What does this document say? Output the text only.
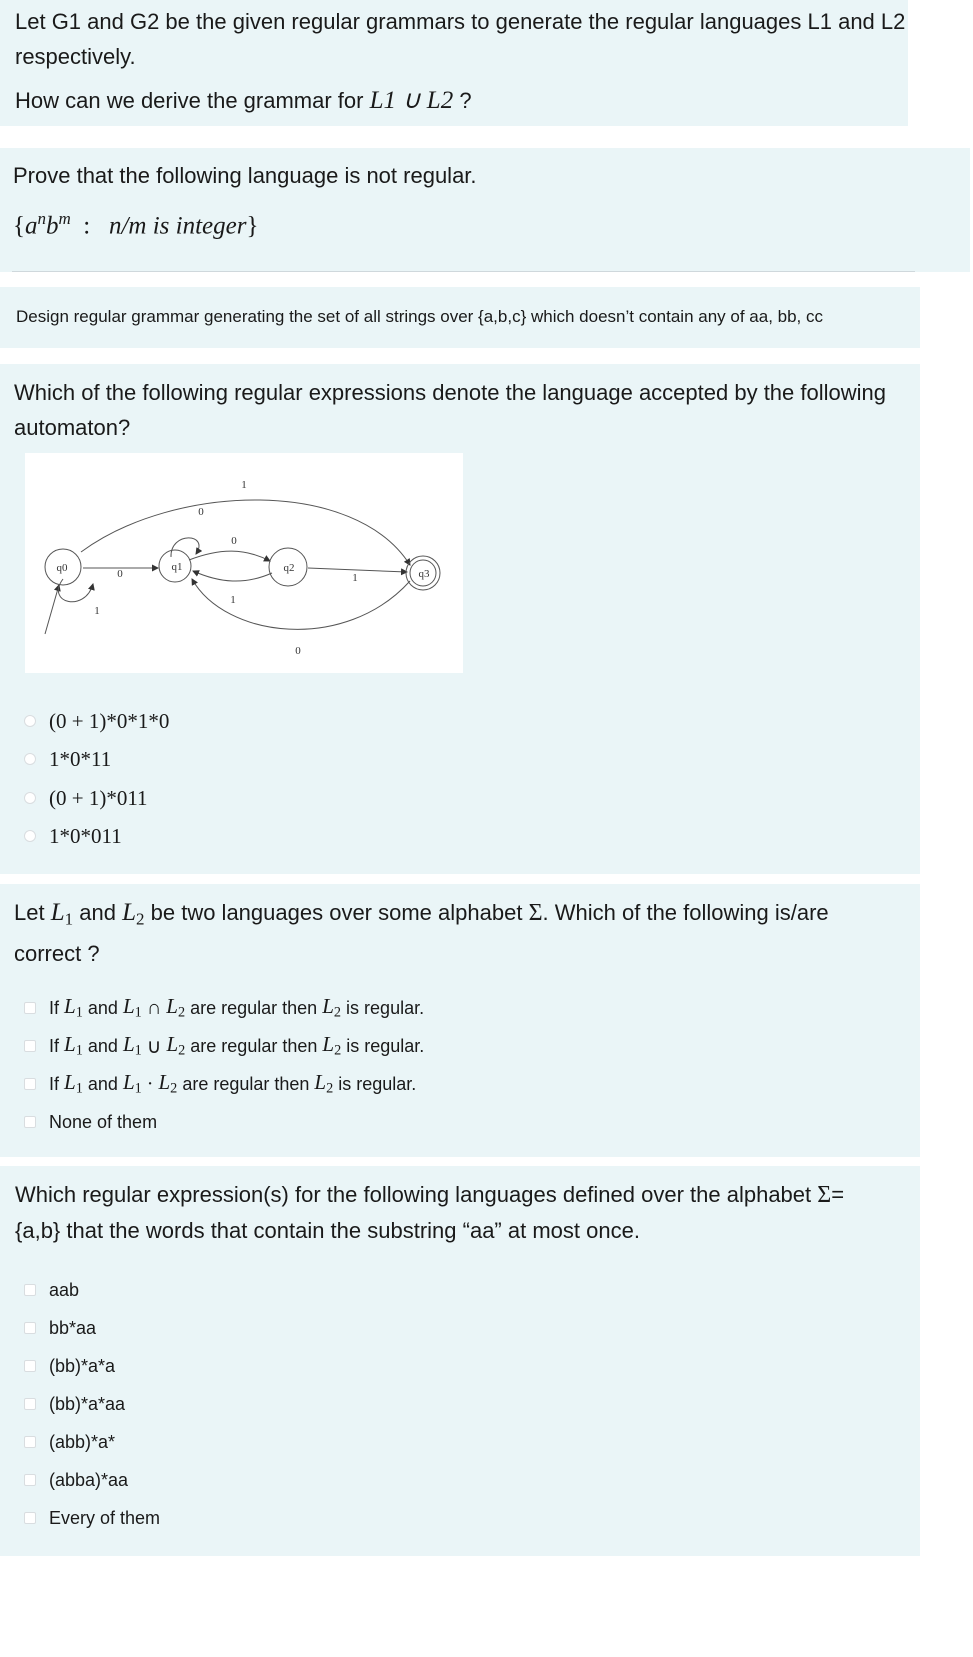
Let G1 and G2 be the given regular grammars to generate the regular languages L1 and L2

respectively.

How can we derive the grammar for L1 ∪ L2 ?

Prove that the following language is not regular.

{$a^nb^m$ : n/m is integer}

Design regular grammar generating the set of all strings over {a,b,c} which doesn’t contain any of aa, bb, cc

Which of the following regular expressions denote the language accepted by the following

automaton?

q0	q1	q2	q3
1
0
0
0
1
1
1
0
(0 + 1)*0*1*0
1*0*11
(0 + 1)*011
1*0*011

Let $L_1$ and $L_2$ be two languages over some alphabet Σ. Which of the following is/are

correct ?

If
$L_1$
and
$L_1$
∩
$L_2$
are regular then
$L_2$
is regular.
If
$L_1$
and
$L_1$
∪
$L_2$
are regular then
$L_2$
is regular.
If
$L_1$
and
$L_1$
·
$L_2$
are regular then
$L_2$
is regular.
None of them

Which regular expression(s) for the following languages defined over the alphabet Σ=

{a,b} that the words that contain the substring “aa” at most once.

aab
bb*aa
(bb)*a*a
(bb)*a*aa
(abb)*a*
(abba)*aa
Every of them
